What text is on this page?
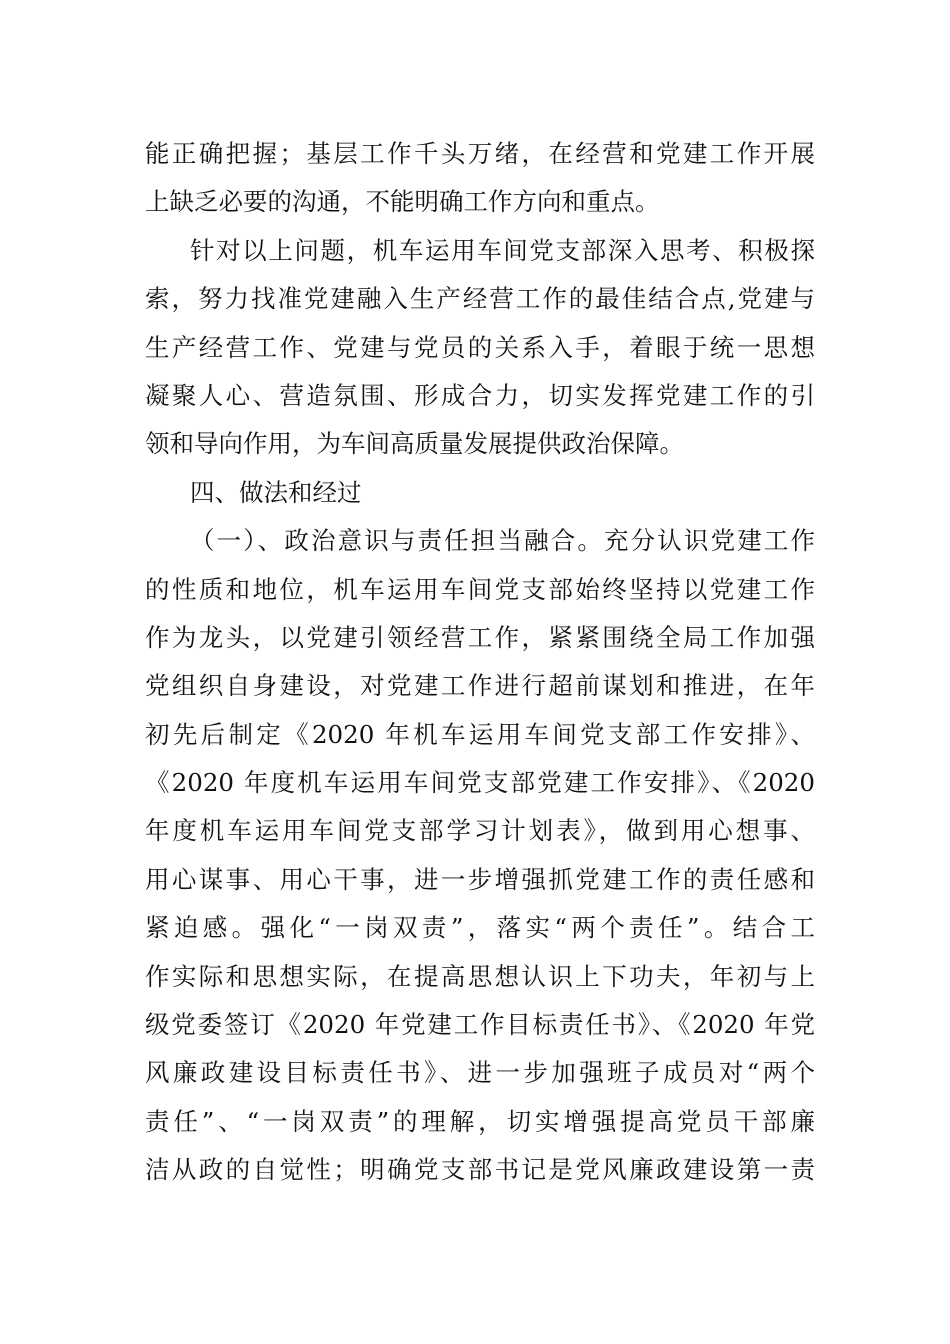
能正确把握；基层工作千头万绪，在经营和党建工作开展
上缺乏必要的沟通，不能明确工作方向和重点。
针对以上问题，机车运用车间党支部深入思考、积极探
索，努力找准党建融入生产经营工作的最佳结合点,党建与
生产经营工作、党建与党员的关系入手，着眼于统一思想
凝聚人心、营造氛围、形成合力，切实发挥党建工作的引
领和导向作用，为车间高质量发展提供政治保障。
四、做法和经过
（一）、政治意识与责任担当融合。充分认识党建工作
的性质和地位，机车运用车间党支部始终坚持以党建工作
作为龙头，以党建引领经营工作，紧紧围绕全局工作加强
党组织自身建设，对党建工作进行超前谋划和推进，在年
初先后制定《2020 年机车运用车间党支部工作安排》、
《2020 年度机车运用车间党支部党建工作安排》、《2020
年度机车运用车间党支部学习计划表》，做到用心想事、
用心谋事、用心干事，进一步增强抓党建工作的责任感和
紧迫感。强化“一岗双责”，落实“两个责任”。结合工
作实际和思想实际，在提高思想认识上下功夫，年初与上
级党委签订《2020 年党建工作目标责任书》、《2020 年党
风廉政建设目标责任书》、进一步加强班子成员对“两个
责任”、“一岗双责”的理解，切实增强提高党员干部廉
洁从政的自觉性；明确党支部书记是党风廉政建设第一责
